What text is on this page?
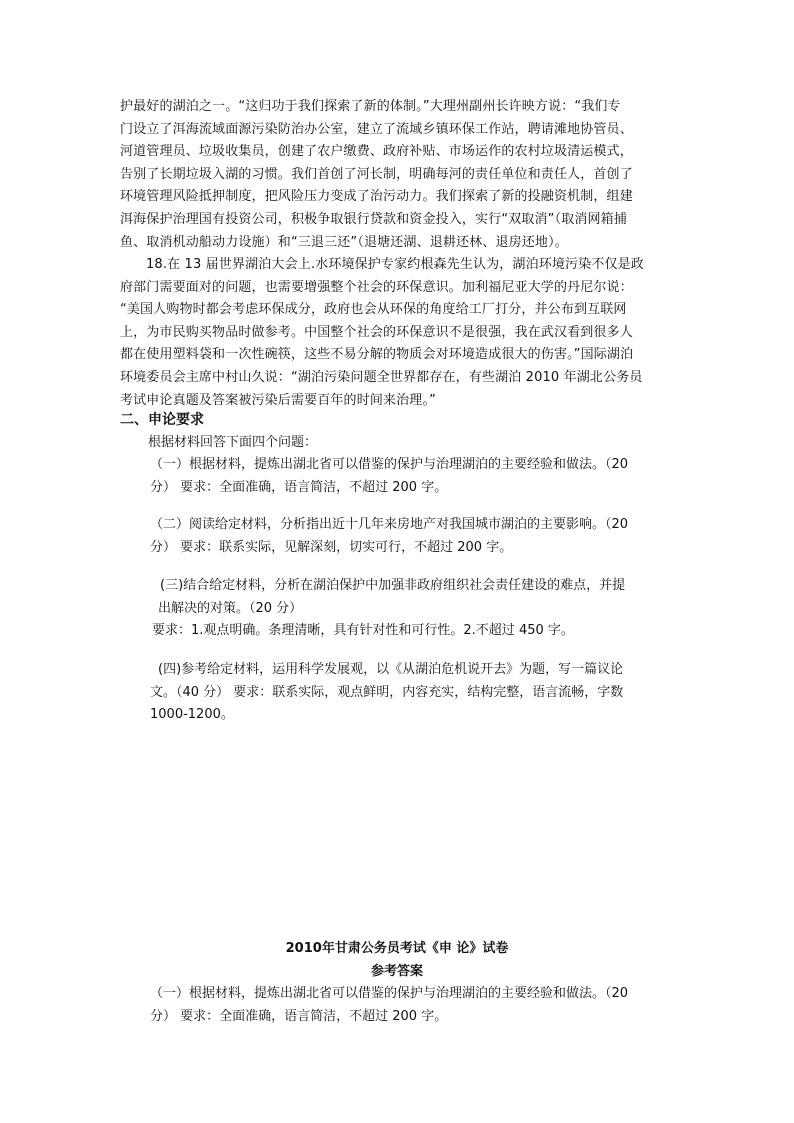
护最好的湖泊之一。“这归功于我们探索了新的体制。”大理州副州长许映方说：“我们专
门设立了洱海流域面源污染防治办公室，建立了流域乡镇环保工作站，聘请滩地协管员、
河道管理员、垃圾收集员，创建了农户缴费、政府补贴、市场运作的农村垃圾清运模式，
告别了长期垃圾入湖的习惯。我们首创了河长制，明确每河的责任单位和责任人，首创了
环境管理风险抵押制度，把风险压力变成了治污动力。我们探索了新的投融资机制，组建
洱海保护治理国有投资公司，积极争取银行贷款和资金投入，实行“双取消”（取消网箱捕
鱼、取消机动船动力设施）和“三退三还”（退塘还湖、退耕还林、退房还地）。
18.在 13 届世界湖泊大会上.水环境保护专家约根森先生认为，湖泊环境污染不仅是政
府部门需要面对的问题，也需要增强整个社会的环保意识。加利福尼亚大学的丹尼尔说：
“美国人购物时都会考虑环保成分，政府也会从环保的角度给工厂打分，并公布到互联网
上，为市民购买物品时做参考。中国整个社会的环保意识不是很强，我在武汉看到很多人
都在使用塑料袋和一次性碗筷，这些不易分解的物质会对环境造成很大的伤害。”国际湖泊
环境委员会主席中村山久说：“湖泊污染问题全世界都存在，有些湖泊 2010 年湖北公务员
考试申论真题及答案被污染后需要百年的时间来治理。”
二、申论要求
根据材料回答下面四个问题：
（一）根据材料，提炼出湖北省可以借鉴的保护与治理湖泊的主要经验和做法。（20
分） 要求：全面准确，语言简洁，不超过 200 字。
（二）阅读给定材料，分析指出近十几年来房地产对我国城市湖泊的主要影响。（20
分） 要求：联系实际，见解深刻，切实可行，不超过 200 字。
(三)结合给定材料，分析在湖泊保护中加强非政府组织社会责任建设的难点，并提
出解决的对策。（20 分）
要求：1.观点明确。条理清晰，具有针对性和可行性。2.不超过 450 字。
(四)参考给定材料，运用科学发展观，以《从湖泊危机说开去》为题，写一篇议论
文。（40 分） 要求：联系实际，观点鲜明，内容充实，结构完整，语言流畅，字数
1000-1200。
2010年甘肃公务员考试《申 论》试卷
参考答案
（一）根据材料，提炼出湖北省可以借鉴的保护与治理湖泊的主要经验和做法。（20
分） 要求：全面准确，语言简洁，不超过 200 字。
